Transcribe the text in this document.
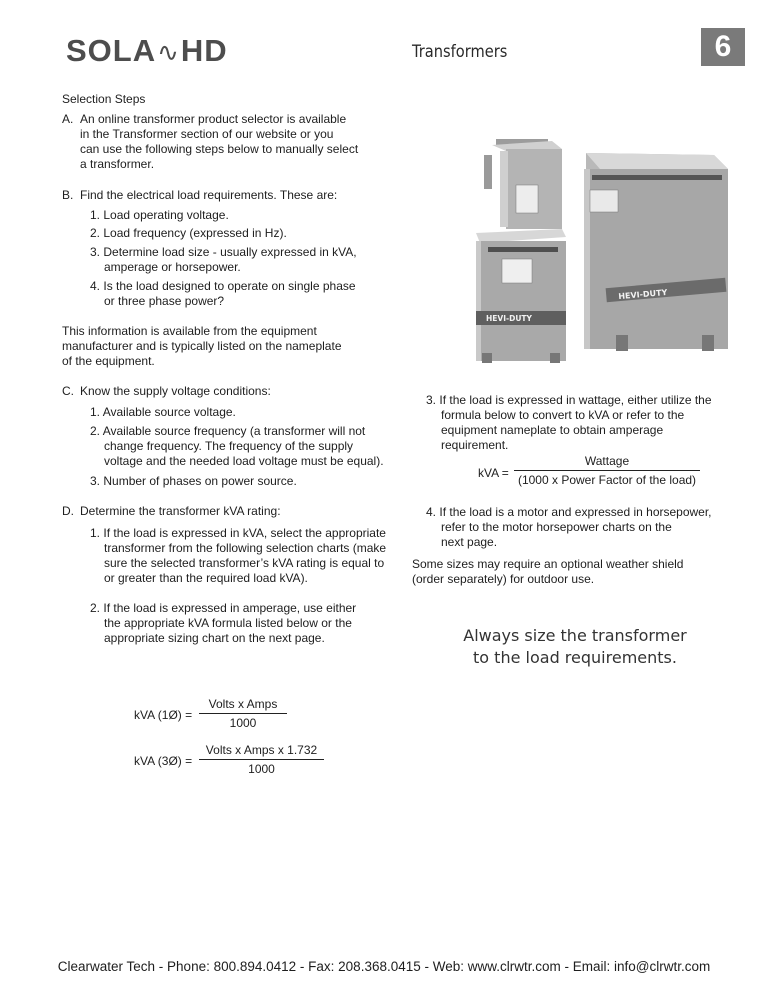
SOLA∿HD	Transformers	6
Selection Steps
A. An online transformer product selector is available
in the Transformer section of our website or you
can use the following steps below to manually select
a transformer.
B. Find the electrical load requirements. These are:
1. Load operating voltage.
2. Load frequency (expressed in Hz).
3. Determine load size - usually expressed in kVA,
amperage or horsepower.
4. Is the load designed to operate on single phase
or three phase power?
This information is available from the equipment
manufacturer and is typically listed on the nameplate
of the equipment.
C. Know the supply voltage conditions:
1. Available source voltage.
2. Available source frequency (a transformer will not
change frequency. The frequency of the supply
voltage and the needed load voltage must be equal).
3. Number of phases on power source.
D. Determine the transformer kVA rating:
1. If the load is expressed in kVA, select the appropriate
transformer from the following selection charts (make
sure the selected transformer’s kVA rating is equal to
or greater than the required load kVA).
2. If the load is expressed in amperage, use either
the appropriate kVA formula listed below or the
appropriate sizing chart on the next page.
kVA (1Ø) =
Volts x Amps
1000
kVA (3Ø) =
Volts x Amps x 1.732
1000
HEVI-DUTY
HEVI-DUTY
3. If the load is expressed in wattage, either utilize the
formula below to convert to kVA or refer to the
equipment nameplate to obtain amperage
requirement.
kVA =
Wattage
(1000 x Power Factor of the load)
4. If the load is a motor and expressed in horsepower,
refer to the motor horsepower charts on the
next page.
Some sizes may require an optional weather shield
(order separately) for outdoor use.
Always size the transformer
to the load requirements.
Clearwater Tech - Phone: 800.894.0412 - Fax: 208.368.0415 - Web: www.clrwtr.com - Email: info@clrwtr.com
